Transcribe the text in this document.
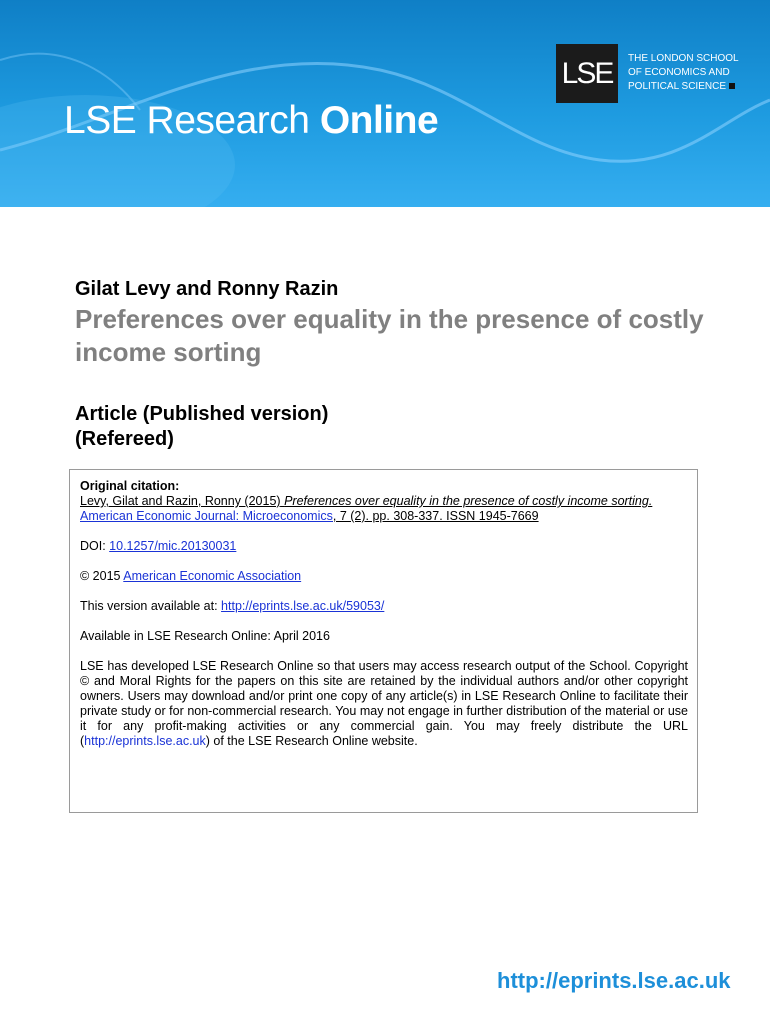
LSE Research Online
LSE	THE LONDON SCHOOL
OF ECONOMICS AND
POLITICAL SCIENCE
Gilat Levy and Ronny Razin
Preferences over equality in the presence of costly income sorting
Article (Published version)
(Refereed)

Original citation:

Levy, Gilat and Razin, Ronny (2015) Preferences over equality in the presence of costly income sorting. American Economic Journal: Microeconomics, 7 (2). pp. 308-337. ISSN 1945-7669

DOI: 10.1257/mic.20130031

© 2015 American Economic Association

This version available at: http://eprints.lse.ac.uk/59053/

Available in LSE Research Online: April 2016

LSE has developed LSE Research Online so that users may access research output of the School. Copyright © and Moral Rights for the papers on this site are retained by the individual authors and/or other copyright owners. Users may download and/or print one copy of any article(s) in LSE Research Online to facilitate their private study or for non-commercial research. You may not engage in further distribution of the material or use it for any profit-making activities or any commercial gain. You may freely distribute the URL (http://eprints.lse.ac.uk) of the LSE Research Online website.

http://eprints.lse.ac.uk
